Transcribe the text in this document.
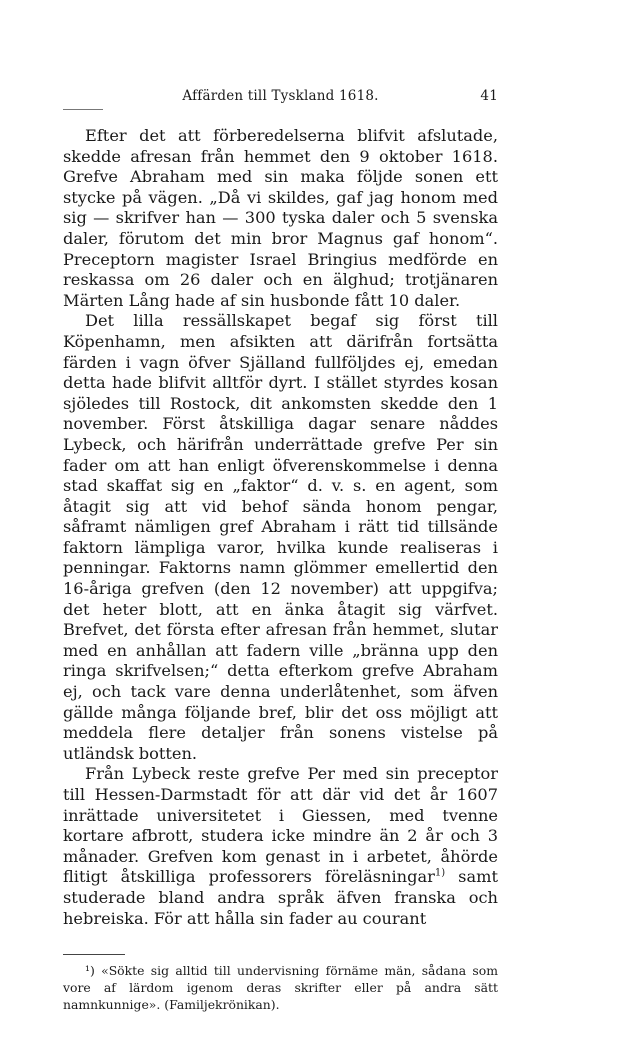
Affärden till Tyskland 1618.	41

Efter det att förberedelserna blifvit afslutade, skedde afresan från hemmet den 9 oktober 1618. Grefve Abraham med sin maka följde sonen ett stycke på vägen. „Då vi skildes, gaf jag honom med sig — skrifver han — 300 tyska daler och 5 svenska daler, förutom det min bror Magnus gaf honom“. Preceptorn magister Israel Bringius medförde en reskassa om 26 daler och en älghud; trotjänaren Märten Lång hade af sin husbonde fått 10 daler.

Det lilla ressällskapet begaf sig först till Köpenhamn, men afsikten att därifrån fortsätta färden i vagn öfver Själland fullföljdes ej, emedan detta hade blifvit alltför dyrt. I stället styrdes kosan sjöledes till Rostock, dit ankomsten skedde den 1 november. Först åtskilliga dagar senare nåddes Lybeck, och härifrån underrättade grefve Per sin fader om att han enligt öfverenskommelse i denna stad skaffat sig en „faktor“ d. v. s. en agent, som åtagit sig att vid behof sända honom pengar, såframt nämligen gref Abraham i rätt tid tillsände faktorn lämpliga varor, hvilka kunde realiseras i penningar. Faktorns namn glömmer emellertid den 16-åriga grefven (den 12 november) att uppgifva; det heter blott, att en änka åtagit sig värfvet. Brefvet, det första efter afresan från hemmet, slutar med en anhållan att fadern ville „bränna upp den ringa skrifvelsen;“ detta efterkom grefve Abraham ej, och tack vare denna underlåtenhet, som äfven gällde många följande bref, blir det oss möjligt att meddela flere detaljer från sonens vistelse på utländsk botten.

Från Lybeck reste grefve Per med sin preceptor till Hessen-Darmstadt för att där vid det år 1607 inrättade universitetet i Giessen, med tvenne kortare afbrott, studera icke mindre än 2 år och 3 månader. Grefven kom genast in i arbetet, åhörde flitigt åtskilliga professorers föreläsningar$^{1)}$ samt studerade bland andra språk äfven franska och hebreiska. För att hålla sin fader au courant

¹) «Sökte sig alltid till undervisning förnäme män, sådana som vore af lärdom igenom deras skrifter eller på andra sätt namnkunnige». (Familjekrönikan).
